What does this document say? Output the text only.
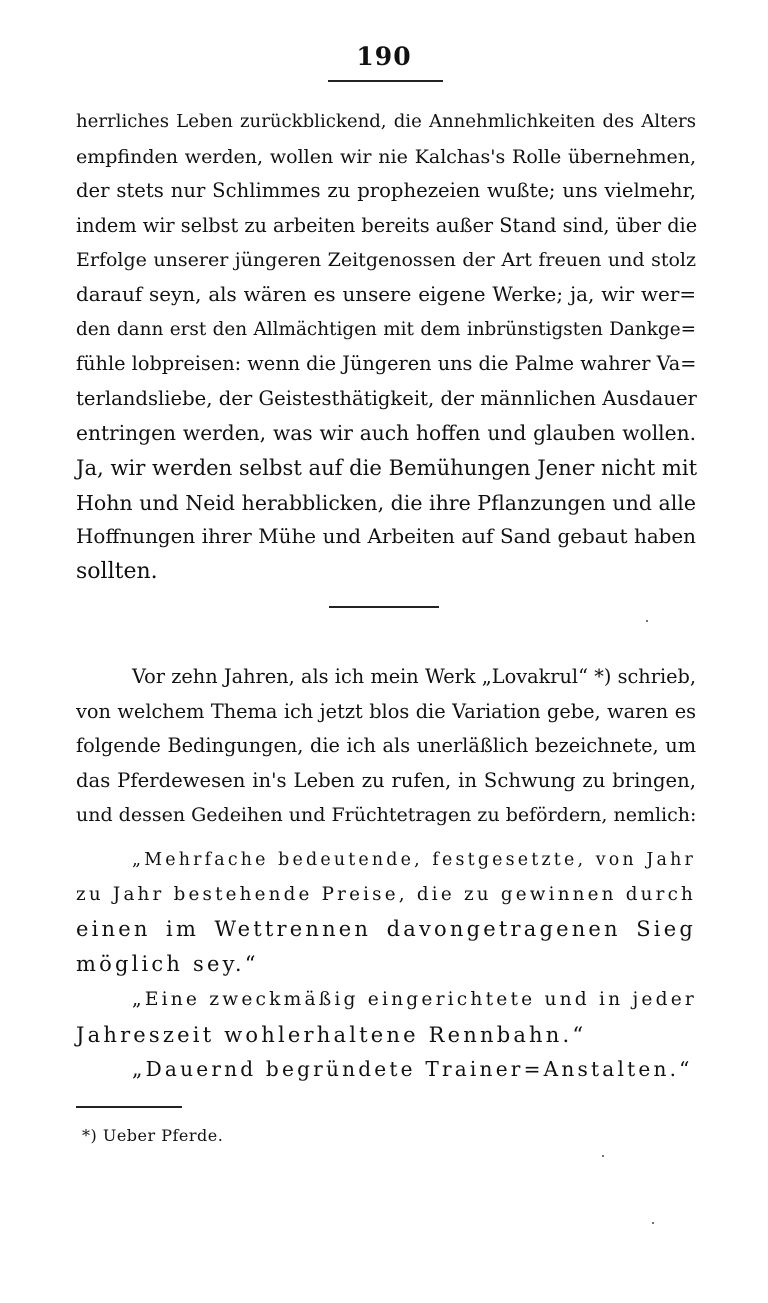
190
herrliches Leben zurückblickend, die Annehmlichkeiten des Alters
empfinden werden, wollen wir nie Kalchas's Rolle übernehmen,
der stets nur Schlimmes zu prophezeien wußte; uns vielmehr,
indem wir selbst zu arbeiten bereits außer Stand sind, über die
Erfolge unserer jüngeren Zeitgenossen der Art freuen und stolz
darauf seyn, als wären es unsere eigene Werke; ja, wir wer=
den dann erst den Allmächtigen mit dem inbrünstigsten Dankge=
fühle lobpreisen: wenn die Jüngeren uns die Palme wahrer Va=
terlandsliebe, der Geistesthätigkeit, der männlichen Ausdauer
entringen werden, was wir auch hoffen und glauben wollen.
Ja, wir werden selbst auf die Bemühungen Jener nicht mit
Hohn und Neid herabblicken, die ihre Pflanzungen und alle
Hoffnungen ihrer Mühe und Arbeiten auf Sand gebaut haben
sollten.
Vor zehn Jahren, als ich mein Werk „Lovakrul“ *) schrieb,
von welchem Thema ich jetzt blos die Variation gebe, waren es
folgende Bedingungen, die ich als unerläßlich bezeichnete, um
das Pferdewesen in's Leben zu rufen, in Schwung zu bringen,
und dessen Gedeihen und Früchtetragen zu befördern, nemlich:
„Mehrfache bedeutende, festgesetzte, von Jahr
zu Jahr bestehende Preise, die zu gewinnen durch
einen im Wettrennen davongetragenen Sieg
möglich sey.“
„Eine zweckmäßig eingerichtete und in jeder
Jahreszeit wohlerhaltene Rennbahn.“
„Dauernd begründete Trainer=Anstalten.“
*) Ueber Pferde.
